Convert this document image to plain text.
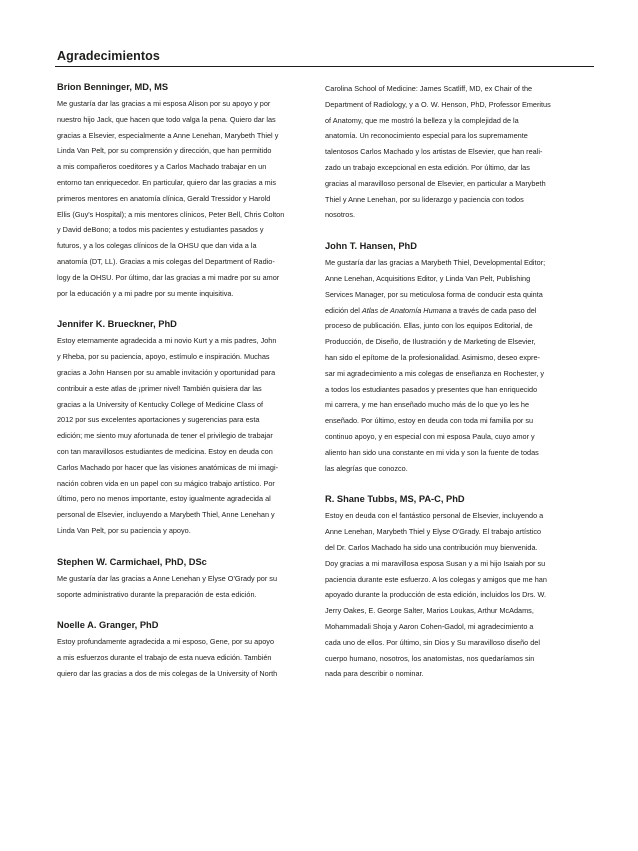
Agradecimientos
Brion Benninger, MD, MS
Me gustaría dar las gracias a mi esposa Alison por su apoyo y por
nuestro hijo Jack, que hacen que todo valga la pena. Quiero dar las
gracias a Elsevier, especialmente a Anne Lenehan, Marybeth Thiel y
Linda Van Pelt, por su comprensión y dirección, que han permitido
a mis compañeros coeditores y a Carlos Machado trabajar en un
entorno tan enriquecedor. En particular, quiero dar las gracias a mis
primeros mentores en anatomía clínica, Gerald Tressidor y Harold
Ellis (Guy's Hospital); a mis mentores clínicos, Peter Bell, Chris Colton
y David deBono; a todos mis pacientes y estudiantes pasados y
futuros, y a los colegas clínicos de la OHSU que dan vida a la
anatomía (DT, LL). Gracias a mis colegas del Department of Radio-
logy de la OHSU. Por último, dar las gracias a mi madre por su amor
por la educación y a mi padre por su mente inquisitiva.
Jennifer K. Brueckner, PhD
Estoy eternamente agradecida a mi novio Kurt y a mis padres, John
y Rheba, por su paciencia, apoyo, estímulo e inspiración. Muchas
gracias a John Hansen por su amable invitación y oportunidad para
contribuir a este atlas de ¡primer nivel! También quisiera dar las
gracias a la University of Kentucky College of Medicine Class of
2012 por sus excelentes aportaciones y sugerencias para esta
edición; me siento muy afortunada de tener el privilegio de trabajar
con tan maravillosos estudiantes de medicina. Estoy en deuda con
Carlos Machado por hacer que las visiones anatómicas de mi imagi-
nación cobren vida en un papel con su mágico trabajo artístico. Por
último, pero no menos importante, estoy igualmente agradecida al
personal de Elsevier, incluyendo a Marybeth Thiel, Anne Lenehan y
Linda Van Pelt, por su paciencia y apoyo.
Stephen W. Carmichael, PhD, DSc
Me gustaría dar las gracias a Anne Lenehan y Elyse O'Grady por su
soporte administrativo durante la preparación de esta edición.
Noelle A. Granger, PhD
Estoy profundamente agradecida a mi esposo, Gene, por su apoyo
a mis esfuerzos durante el trabajo de esta nueva edición. También
quiero dar las gracias a dos de mis colegas de la University of North
Carolina School of Medicine: James Scatliff, MD, ex Chair of the
Department of Radiology, y a O. W. Henson, PhD, Professor Emeritus
of Anatomy, que me mostró la belleza y la complejidad de la
anatomía. Un reconocimiento especial para los supremamente
talentosos Carlos Machado y los artistas de Elsevier, que han reali-
zado un trabajo excepcional en esta edición. Por último, dar las
gracias al maravilloso personal de Elsevier, en particular a Marybeth
Thiel y Anne Lenehan, por su liderazgo y paciencia con todos
nosotros.
John T. Hansen, PhD
Me gustaría dar las gracias a Marybeth Thiel, Developmental Editor;
Anne Lenehan, Acquisitions Editor, y Linda Van Pelt, Publishing
Services Manager, por su meticulosa forma de conducir esta quinta
edición del Atlas de Anatomía Humana a través de cada paso del
proceso de publicación. Ellas, junto con los equipos Editorial, de
Producción, de Diseño, de Ilustración y de Marketing de Elsevier,
han sido el epítome de la profesionalidad. Asimismo, deseo expre-
sar mi agradecimiento a mis colegas de enseñanza en Rochester, y
a todos los estudiantes pasados y presentes que han enriquecido
mi carrera, y me han enseñado mucho más de lo que yo les he
enseñado. Por último, estoy en deuda con toda mi familia por su
continuo apoyo, y en especial con mi esposa Paula, cuyo amor y
aliento han sido una constante en mi vida y son la fuente de todas
las alegrías que conozco.
R. Shane Tubbs, MS, PA-C, PhD
Estoy en deuda con el fantástico personal de Elsevier, incluyendo a
Anne Lenehan, Marybeth Thiel y Elyse O'Grady. El trabajo artístico
del Dr. Carlos Machado ha sido una contribución muy bienvenida.
Doy gracias a mi maravillosa esposa Susan y a mi hijo Isaiah por su
paciencia durante este esfuerzo. A los colegas y amigos que me han
apoyado durante la producción de esta edición, incluidos los Drs. W.
Jerry Oakes, E. George Salter, Marios Loukas, Arthur McAdams,
Mohammadali Shoja y Aaron Cohen-Gadol, mi agradecimiento a
cada uno de ellos. Por último, sin Dios y Su maravilloso diseño del
cuerpo humano, nosotros, los anatomistas, nos quedaríamos sin
nada para describir o nominar.
